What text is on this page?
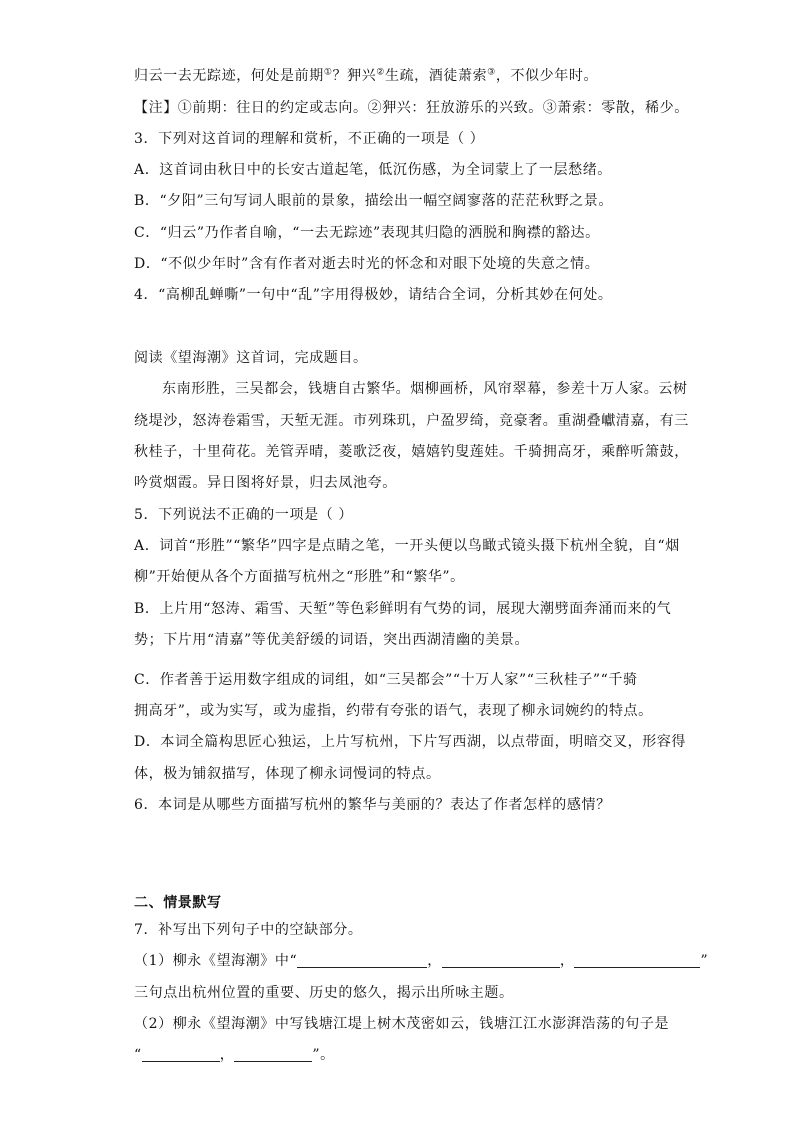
归云一去无踪迹，何处是前期①？狎兴②生疏，酒徒萧索③，不似少年时。
【注】①前期：往日的约定或志向。②狎兴：狂放游乐的兴致。③萧索：零散，稀少。
3．下列对这首词的理解和赏析，不正确的一项是（ ）
A．这首词由秋日中的长安古道起笔，低沉伤感，为全词蒙上了一层愁绪。
B．“夕阳”三句写词人眼前的景象，描绘出一幅空阔寥落的茫茫秋野之景。
C．“归云”乃作者自喻，“一去无踪迹”表现其归隐的洒脱和胸襟的豁达。
D．“不似少年时”含有作者对逝去时光的怀念和对眼下处境的失意之情。
4．“高柳乱蝉嘶”一句中“乱”字用得极妙，请结合全词，分析其妙在何处。
阅读《望海潮》这首词，完成题目。
东南形胜，三吴都会，钱塘自古繁华。烟柳画桥，风帘翠幕，参差十万人家。云树
绕堤沙，怒涛卷霜雪，天堑无涯。市列珠玑，户盈罗绮，竞豪奢。重湖叠巘清嘉，有三
秋桂子，十里荷花。羌管弄晴，菱歌泛夜，嬉嬉钓叟莲娃。千骑拥高牙，乘醉听箫鼓，
吟赏烟霞。异日图将好景，归去凤池夸。
5．下列说法不正确的一项是（ ）
A．词首“形胜”“繁华”四字是点睛之笔，一开头便以鸟瞰式镜头摄下杭州全貌，自“烟
柳”开始便从各个方面描写杭州之“形胜”和“繁华”。
B．上片用“怒涛、霜雪、天堑”等色彩鲜明有气势的词，展现大潮劈面奔涌而来的气
势；下片用“清嘉”等优美舒缓的词语，突出西湖清幽的美景。
C．作者善于运用数字组成的词组，如“三吴都会”“十万人家”“三秋桂子”“千骑
拥高牙”，或为实写，或为虚指，约带有夸张的语气，表现了柳永词婉约的特点。
D．本词全篇构思匠心独运，上片写杭州，下片写西湖，以点带面，明暗交叉，形容得
体，极为铺叙描写，体现了柳永词慢词的特点。
6．本词是从哪些方面描写杭州的繁华与美丽的？表达了作者怎样的感情？
二、情景默写
7．补写出下列句子中的空缺部分。
（1）柳永《望海潮》中“	，	，	”
三句点出杭州位置的重要、历史的悠久，揭示出所咏主题。
（2）柳永《望海潮》中写钱塘江堤上树木茂密如云，钱塘江江水澎湃浩荡的句子是
“	，	”。
